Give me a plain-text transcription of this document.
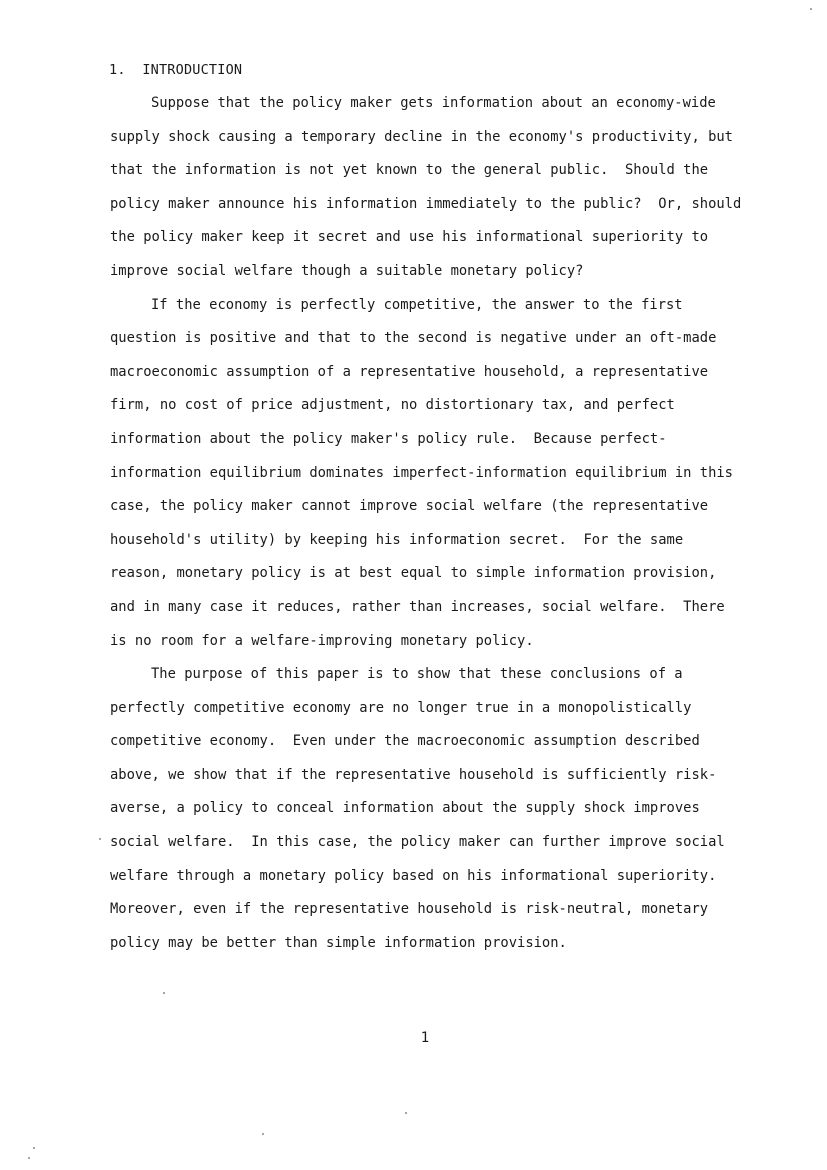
1. INTRODUCTION
Suppose that the policy maker gets information about an economy-wide
supply shock causing a temporary decline in the economy's productivity, but
that the information is not yet known to the general public.  Should the
policy maker announce his information immediately to the public?  Or, should
the policy maker keep it secret and use his informational superiority to
improve social welfare though a suitable monetary policy?
If the economy is perfectly competitive, the answer to the first
question is positive and that to the second is negative under an oft-made
macroeconomic assumption of a representative household, a representative
firm, no cost of price adjustment, no distortionary tax, and perfect
information about the policy maker's policy rule.  Because perfect-
information equilibrium dominates imperfect-information equilibrium in this
case, the policy maker cannot improve social welfare (the representative
household's utility) by keeping his information secret.  For the same
reason, monetary policy is at best equal to simple information provision,
and in many case it reduces, rather than increases, social welfare.  There
is no room for a welfare-improving monetary policy.
The purpose of this paper is to show that these conclusions of a
perfectly competitive economy are no longer true in a monopolistically
competitive economy.  Even under the macroeconomic assumption described
above, we show that if the representative household is sufficiently risk-
averse, a policy to conceal information about the supply shock improves
social welfare.  In this case, the policy maker can further improve social
welfare through a monetary policy based on his informational superiority.
Moreover, even if the representative household is risk-neutral, monetary
policy may be better than simple information provision.
1
